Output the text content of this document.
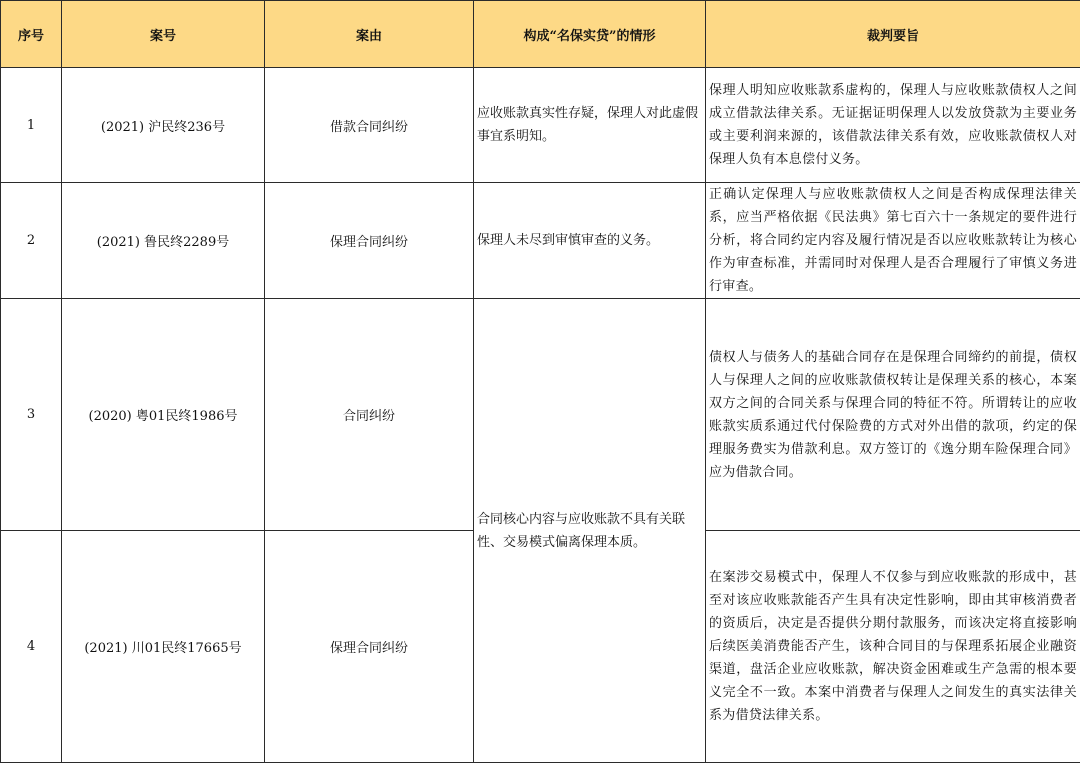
序号	案号	案由	构成“名保实贷”的情形	裁判要旨
1	(2021) 沪民终236号	借款合同纠纷	应收账款真实性存疑，保理人对此虚假事宜系明知。	保理人明知应收账款系虚构的，保理人与应收账款债权人之间成立借款法律关系。无证据证明保理人以发放贷款为主要业务或主要利润来源的，该借款法律关系有效，应收账款债权人对保理人负有本息偿付义务。
2	(2021) 鲁民终2289号	保理合同纠纷	保理人未尽到审慎审查的义务。	正确认定保理人与应收账款债权人之间是否构成保理法律关系，应当严格依据《民法典》第七百六十一条规定的要件进行分析，将合同约定内容及履行情况是否以应收账款转让为核心作为审查标准，并需同时对保理人是否合理履行了审慎义务进行审查。
3	(2020) 粤01民终1986号	合同纠纷	合同核心内容与应收账款不具有关联性、交易模式偏离保理本质。	债权人与债务人的基础合同存在是保理合同缔约的前提，债权人与保理人之间的应收账款债权转让是保理关系的核心，本案双方之间的合同关系与保理合同的特征不符。所谓转让的应收账款实质系通过代付保险费的方式对外出借的款项，约定的保理服务费实为借款利息。双方签订的《逸分期车险保理合同》应为借款合同。
4	(2021) 川01民终17665号	保理合同纠纷		在案涉交易模式中，保理人不仅参与到应收账款的形成中，甚至对该应收账款能否产生具有决定性影响，即由其审核消费者的资质后，决定是否提供分期付款服务，而该决定将直接影响后续医美消费能否产生，该种合同目的与保理系拓展企业融资渠道，盘活企业应收账款，解决资金困难或生产急需的根本要义完全不一致。本案中消费者与保理人之间发生的真实法律关系为借贷法律关系。
